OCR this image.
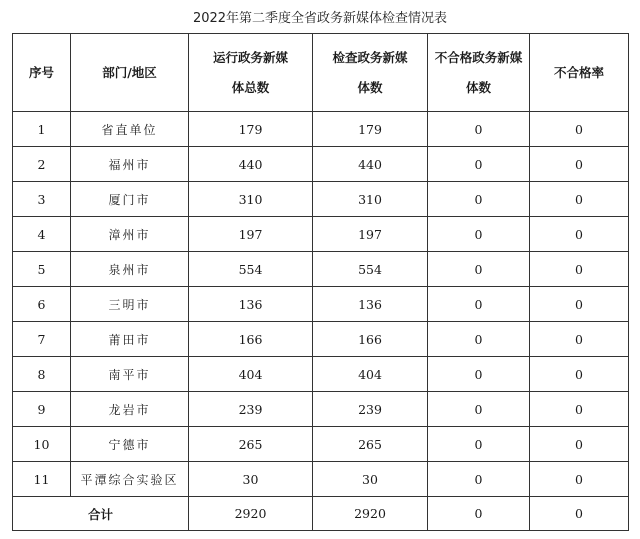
2022年第二季度全省政务新媒体检查情况表
序号	部门/地区	运行政务新媒体总数	检查政务新媒体数	不合格政务新媒体数	不合格率
1	省直单位	179	179	0	0
2	福州市	440	440	0	0
3	厦门市	310	310	0	0
4	漳州市	197	197	0	0
5	泉州市	554	554	0	0
6	三明市	136	136	0	0
7	莆田市	166	166	0	0
8	南平市	404	404	0	0
9	龙岩市	239	239	0	0
10	宁德市	265	265	0	0
11	平潭综合实验区	30	30	0	0
合计		2920	2920	0	0
